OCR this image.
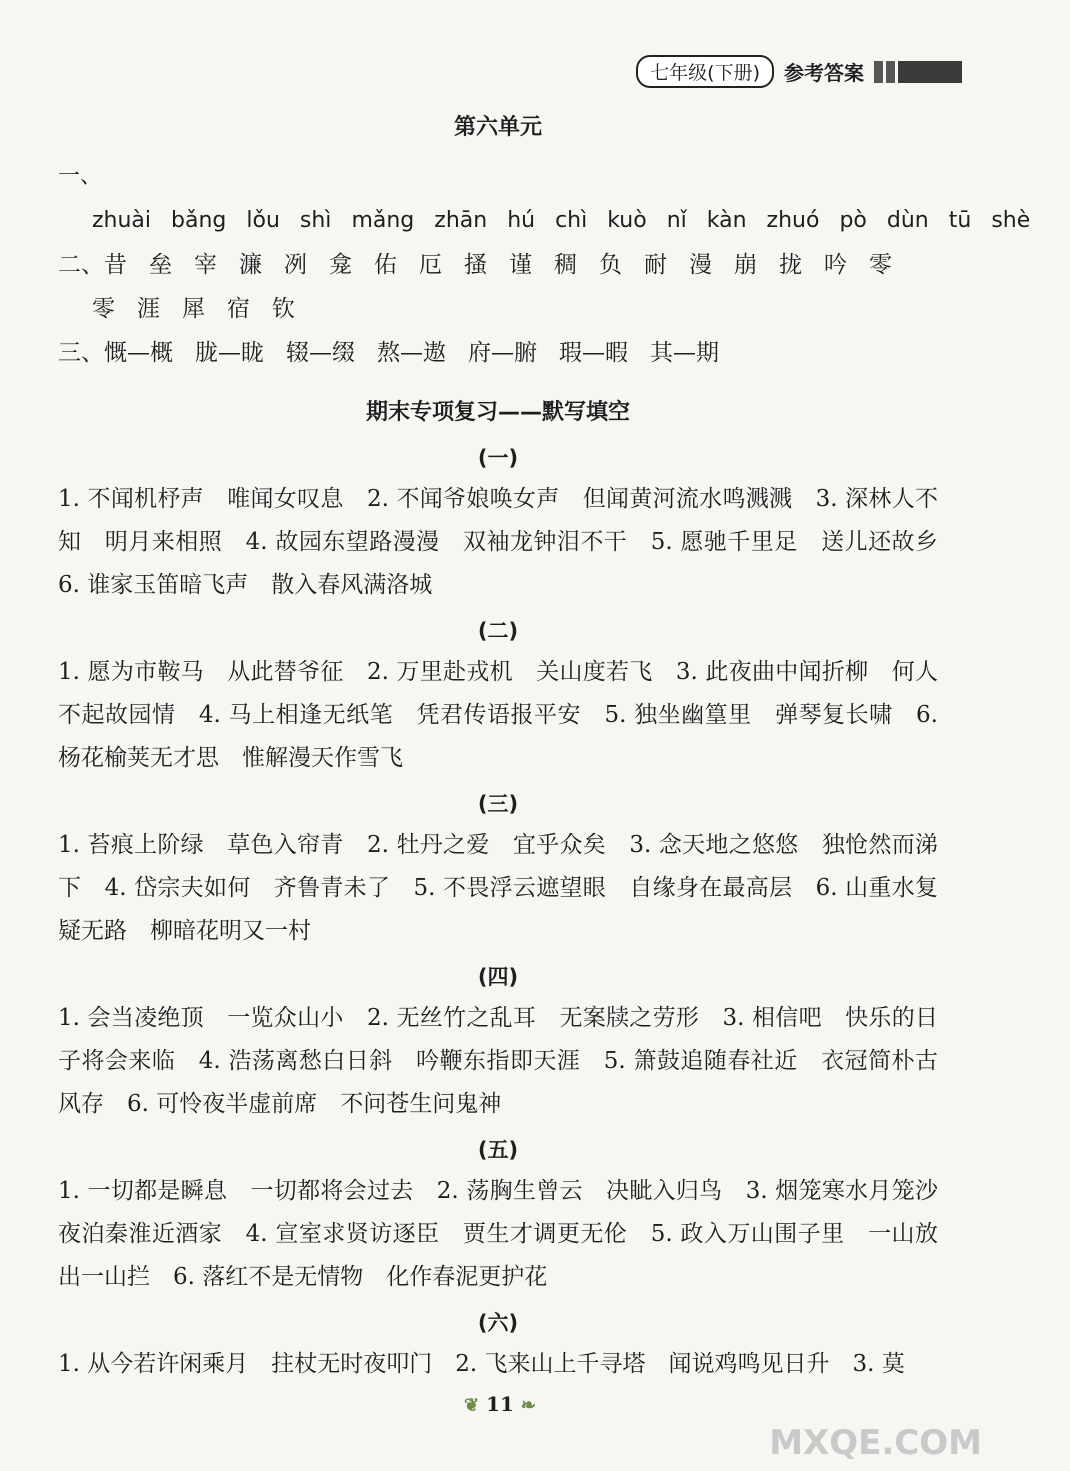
七年级(下册)	参考答案
第六单元
一、zhuài bǎng lǒu shì mǎng zhān hú chì kuò nǐ kàn zhuó pò dùn tū shè
二、昔 垒 宰 濂 冽 龛 佑 厄 搔 谨 稠 负 耐 漫 崩 拢 吟 零零 涯 犀 宿 钦
三、慨—概 胧—眬 辍—缀 熬—遨 府—腑 瑕—暇 其—期
期末专项复习——默写填空
(一)

1. 不闻机杼声　唯闻女叹息　2. 不闻爷娘唤女声　但闻黄河流水鸣溅溅　3. 深林人不知　明月来相照　4. 故园东望路漫漫　双袖龙钟泪不干　5. 愿驰千里足　送儿还故乡　6. 谁家玉笛暗飞声　散入春风满洛城

(二)

1. 愿为市鞍马　从此替爷征　2. 万里赴戎机　关山度若飞　3. 此夜曲中闻折柳　何人不起故园情　4. 马上相逢无纸笔　凭君传语报平安　5. 独坐幽篁里　弹琴复长啸　6. 杨花榆荚无才思　惟解漫天作雪飞

(三)

1. 苔痕上阶绿　草色入帘青　2. 牡丹之爱　宜乎众矣　3. 念天地之悠悠　独怆然而涕下　4. 岱宗夫如何　齐鲁青未了　5. 不畏浮云遮望眼　自缘身在最高层　6. 山重水复疑无路　柳暗花明又一村

(四)

1. 会当凌绝顶　一览众山小　2. 无丝竹之乱耳　无案牍之劳形　3. 相信吧　快乐的日子将会来临　4. 浩荡离愁白日斜　吟鞭东指即天涯　5. 箫鼓追随春社近　衣冠简朴古风存　6. 可怜夜半虚前席　不问苍生问鬼神

(五)

1. 一切都是瞬息　一切都将会过去　2. 荡胸生曾云　决眦入归鸟　3. 烟笼寒水月笼沙　夜泊秦淮近酒家　4. 宣室求贤访逐臣　贾生才调更无伦　5. 政入万山围子里　一山放出一山拦　6. 落红不是无情物　化作春泥更护花

(六)

1. 从今若许闲乘月　拄杖无时夜叩门　2. 飞来山上千寻塔　闻说鸡鸣见日升　3. 莫

❦ 11 ❧
MXQE.COM
